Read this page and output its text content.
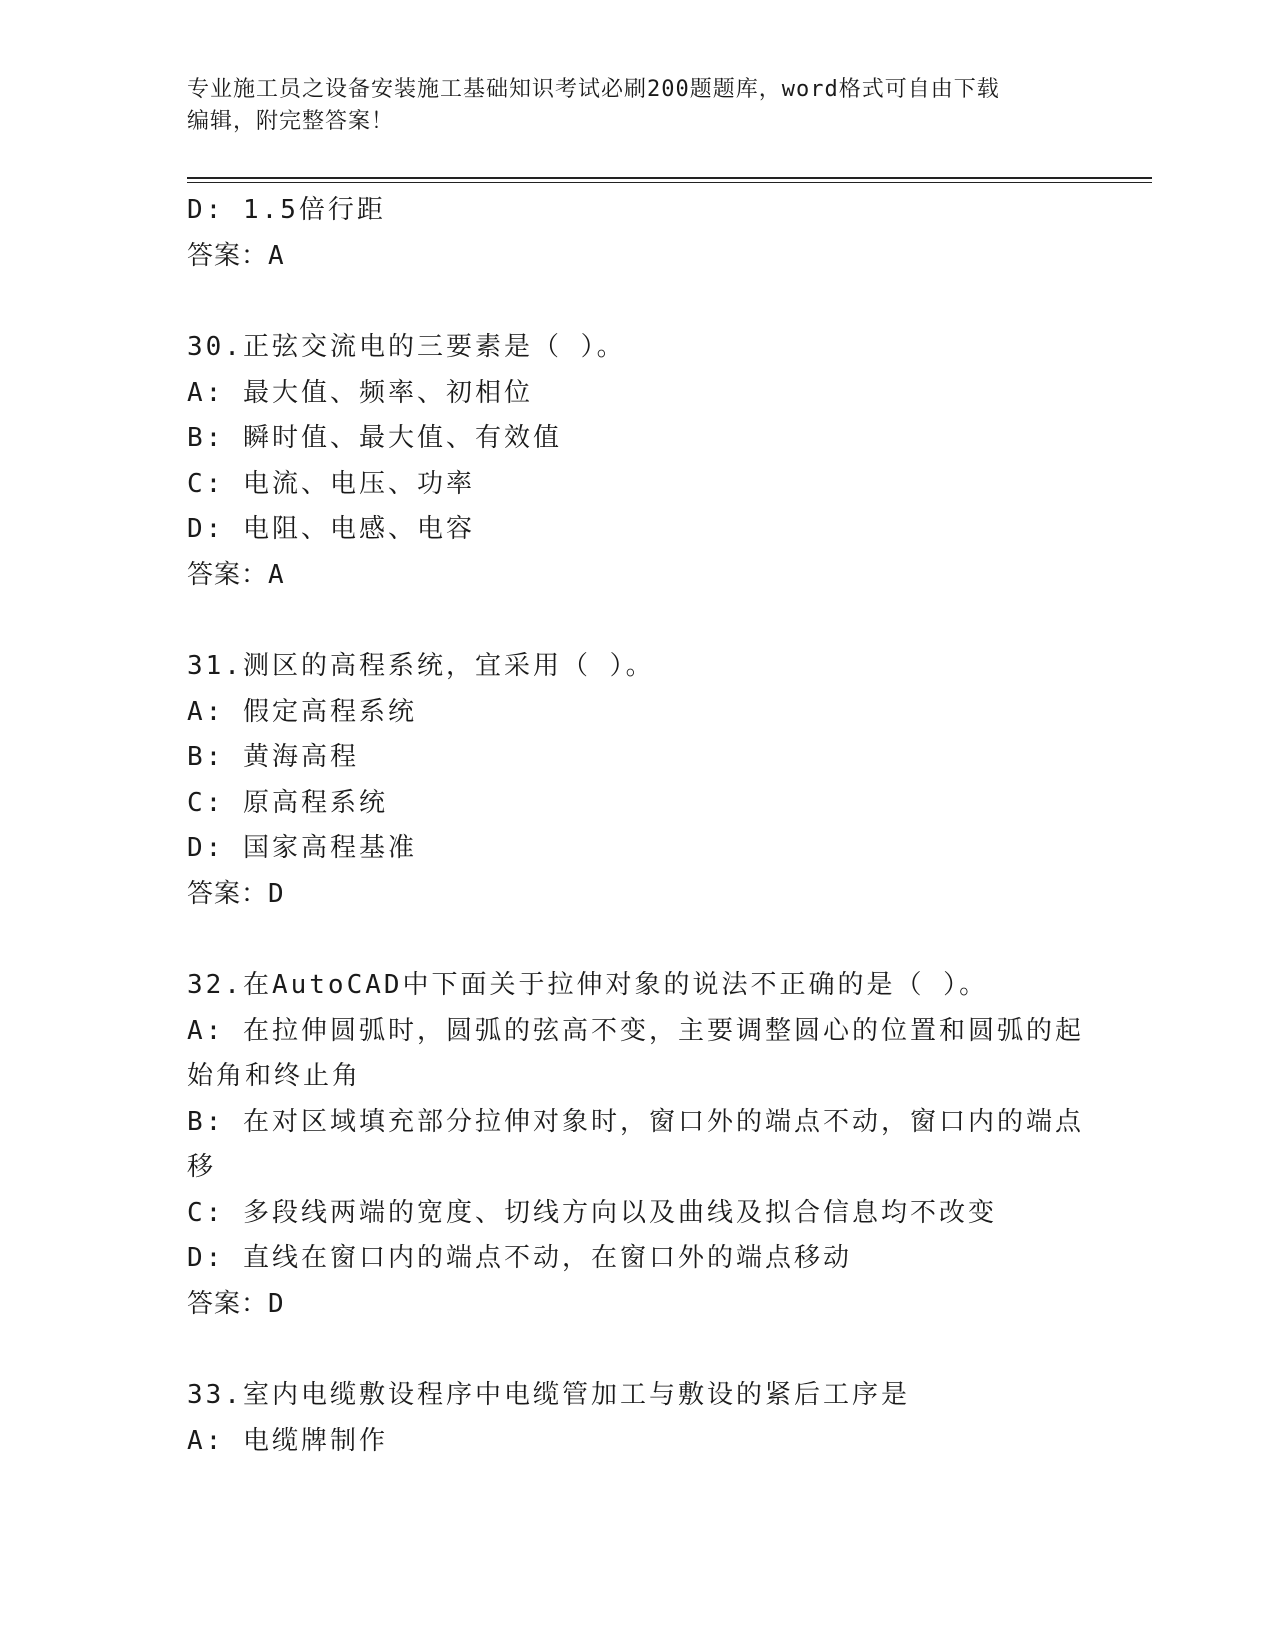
专业施工员之设备安装施工基础知识考试必刷200题题库，word格式可自由下载
编辑，附完整答案！
D: 1.5倍行距
答案：A
30.正弦交流电的三要素是（ ）。
A: 最大值、频率、初相位
B: 瞬时值、最大值、有效值
C: 电流、电压、功率
D: 电阻、电感、电容
答案：A
31.测区的高程系统，宜采用（ ）。
A: 假定高程系统
B: 黄海高程
C: 原高程系统
D: 国家高程基准
答案：D
32.在AutoCAD中下面关于拉伸对象的说法不正确的是（ ）。
A: 在拉伸圆弧时，圆弧的弦高不变，主要调整圆心的位置和圆弧的起
始角和终止角
B: 在对区域填充部分拉伸对象时，窗口外的端点不动，窗口内的端点
移
C: 多段线两端的宽度、切线方向以及曲线及拟合信息均不改变
D: 直线在窗口内的端点不动，在窗口外的端点移动
答案：D
33.室内电缆敷设程序中电缆管加工与敷设的紧后工序是
A: 电缆牌制作
